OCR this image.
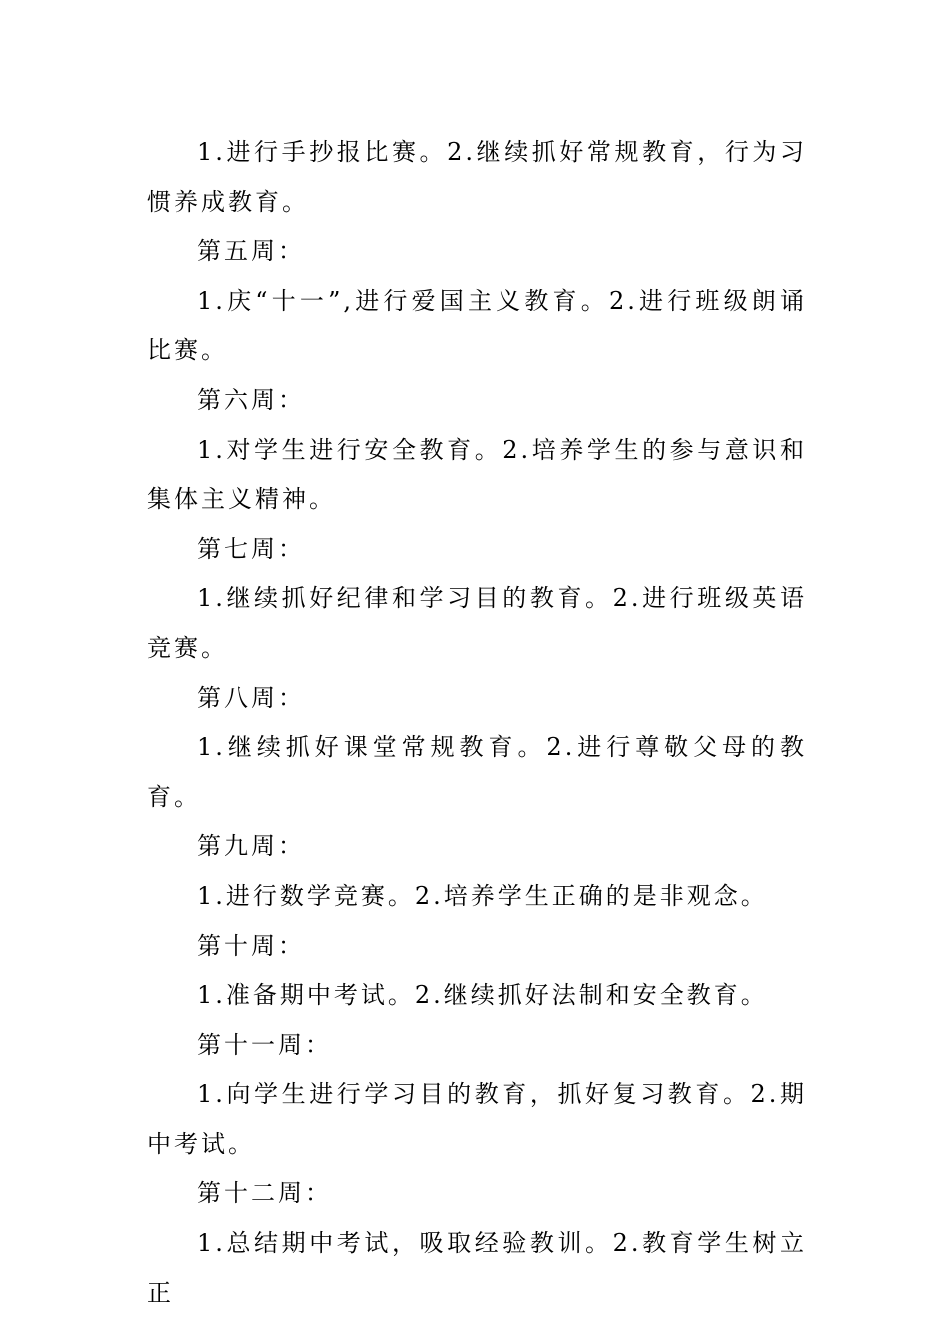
1.进行手抄报比赛。2.继续抓好常规教育，行为习惯养成教育。

第五周：

1.庆“十一”,进行爱国主义教育。2.进行班级朗诵比赛。

第六周：

1.对学生进行安全教育。2.培养学生的参与意识和集体主义精神。

第七周：

1.继续抓好纪律和学习目的教育。2.进行班级英语竞赛。

第八周：

1.继续抓好课堂常规教育。2.进行尊敬父母的教育。

第九周：

1.进行数学竞赛。2.培养学生正确的是非观念。

第十周：

1.准备期中考试。2.继续抓好法制和安全教育。

第十一周：

1.向学生进行学习目的教育，抓好复习教育。2.期中考试。

第十二周：

1.总结期中考试，吸取经验教训。2.教育学生树立正
